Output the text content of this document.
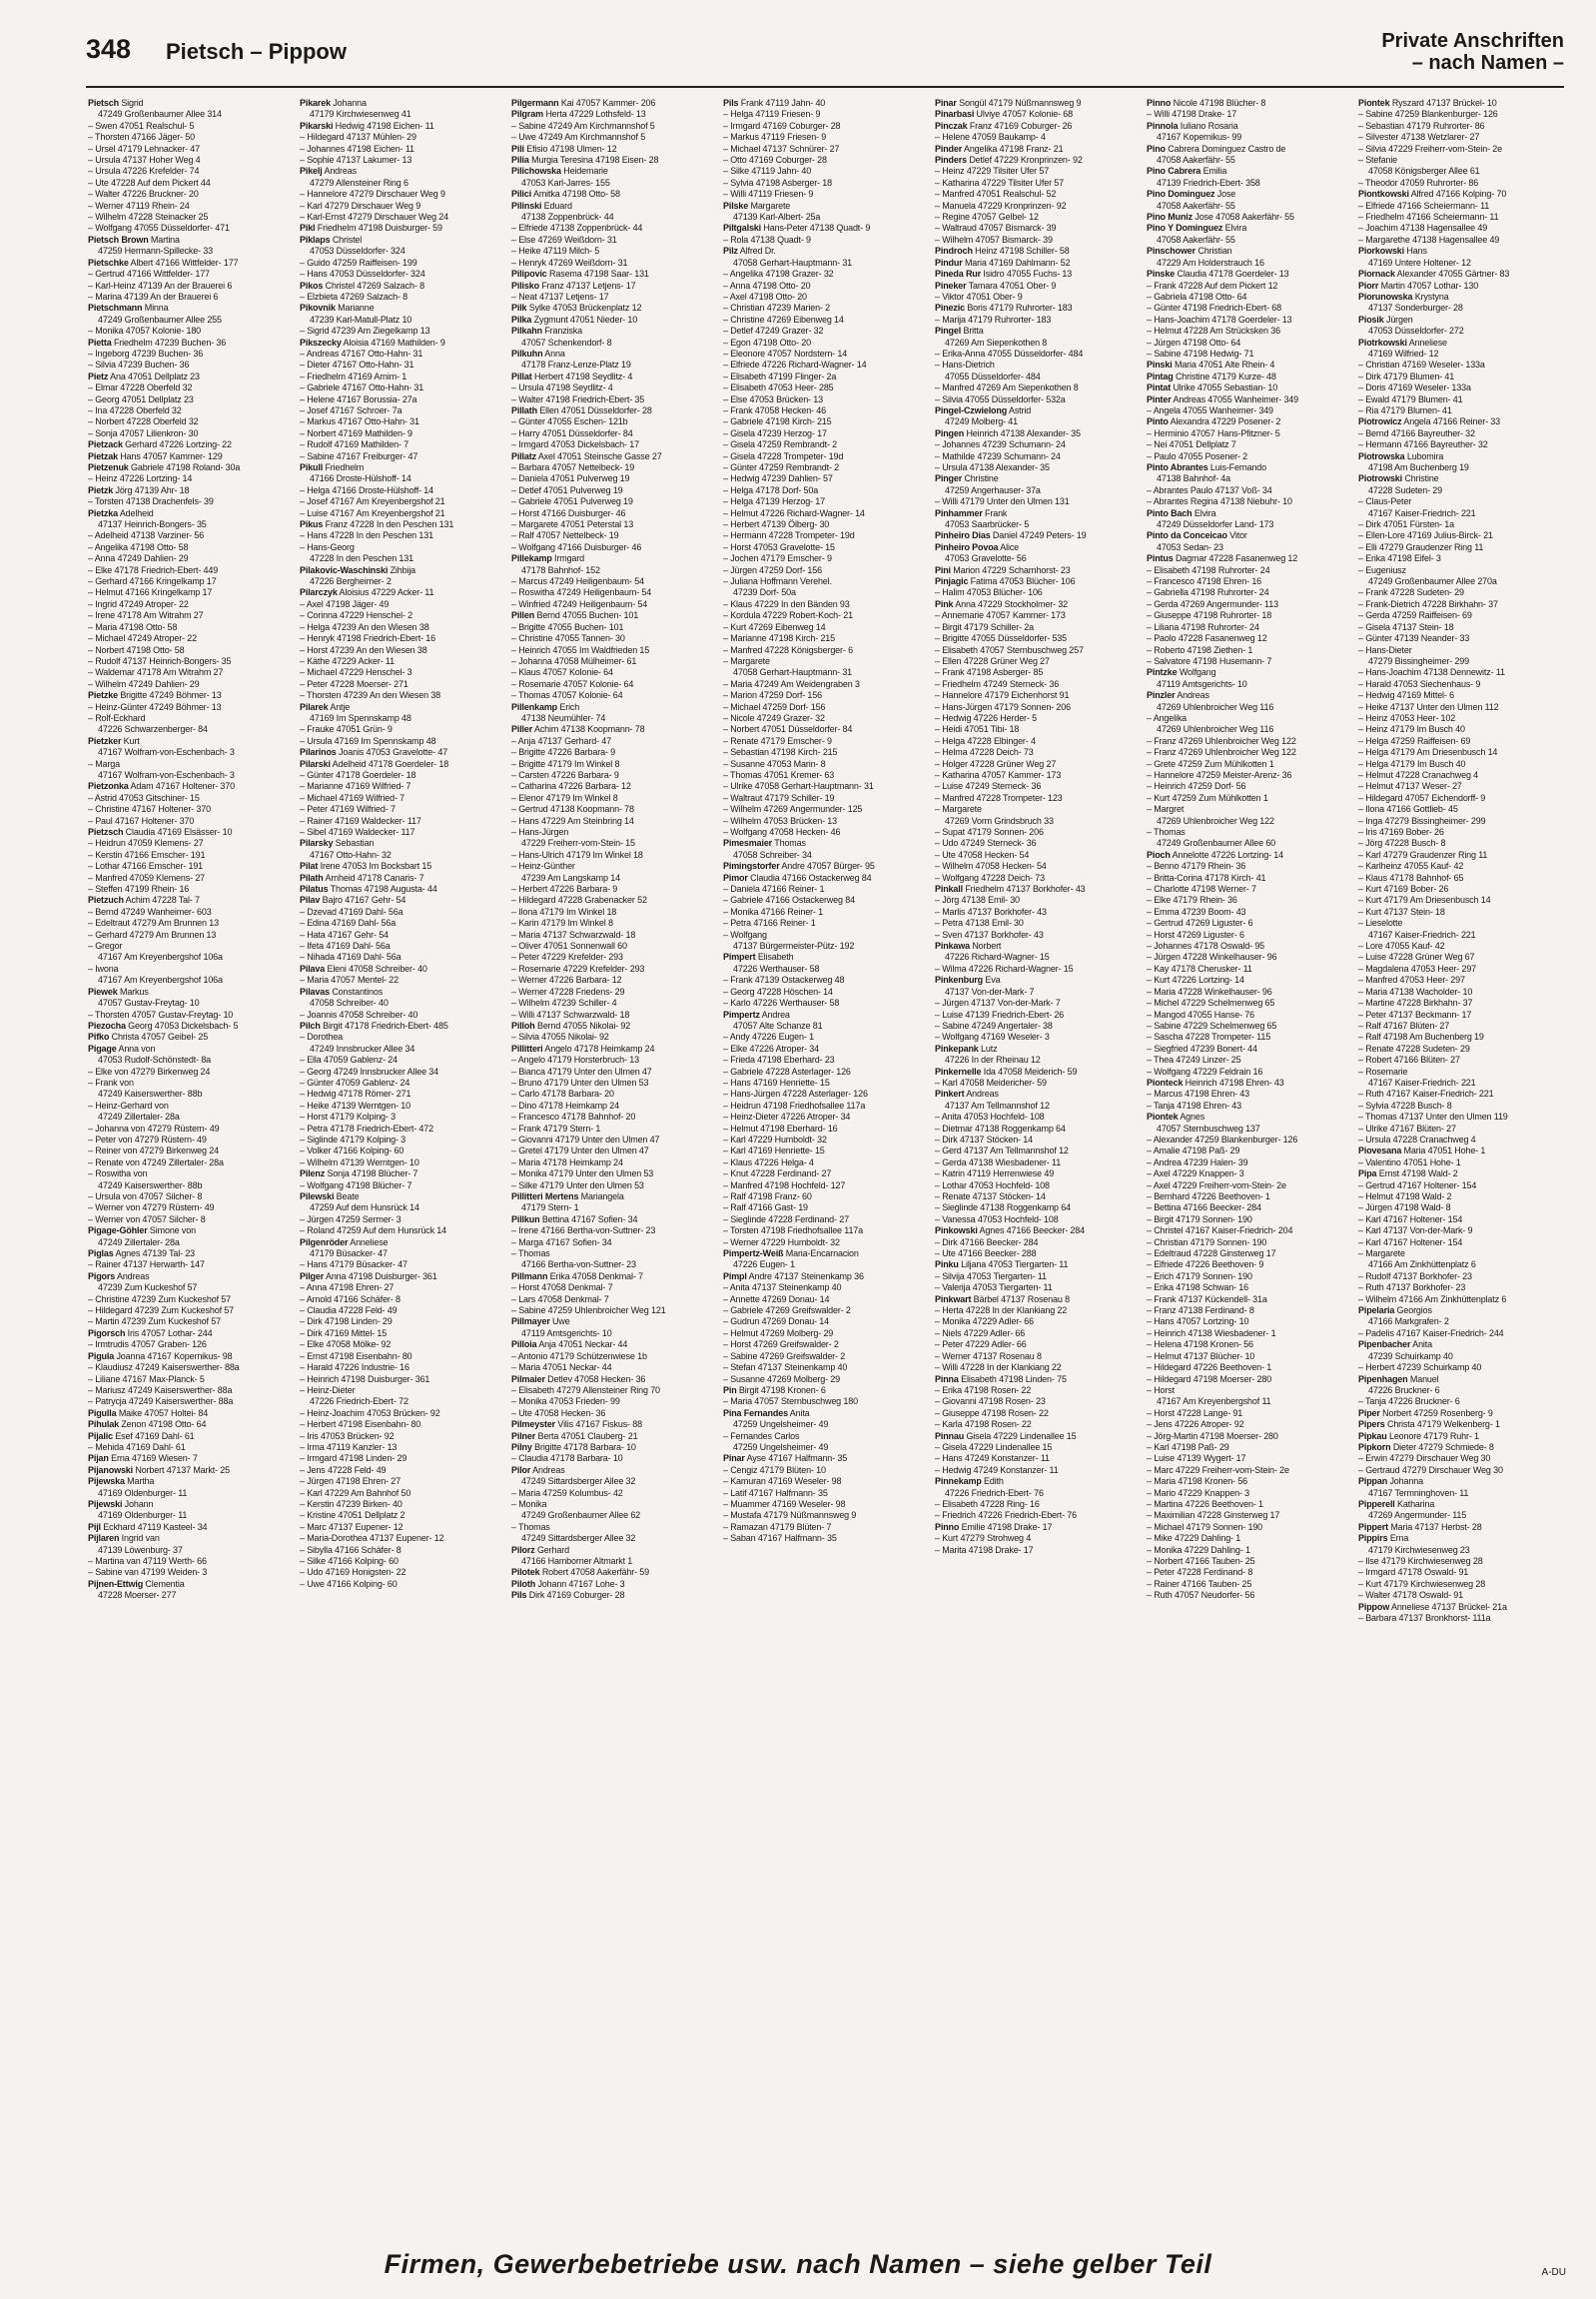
348 Pietsch – Pippow	Private Anschriften
– nach Namen –
Pietsch Sigrid
47249 Großenbaumer Allee 314
– Swen 47051 Realschul- 5
– Thorsten 47166 Jäger- 50
– Ursel 47179 Lehnacker- 47
– Ursula 47137 Hoher Weg 4
– Ursula 47226 Krefelder- 74
– Ute 47228 Auf dem Pickert 44
– Walter 47226 Bruckner- 20
– Werner 47119 Rhein- 24
– Wilhelm 47228 Steinacker 25
– Wolfgang 47055 Düsseldorfer- 471
Pietsch Brown Martina
47259 Hermann-Spillecke- 33
Pietschke Albert 47166 Wittfelder- 177
– Gertrud 47166 Wittfelder- 177
– Karl-Heinz 47139 An der Brauerei 6
– Marina 47139 An der Brauerei 6
Pietschmann Minna
47249 Großenbaumer Allee 255
– Monika 47057 Kolonie- 180
Pietta Friedhelm 47239 Buchen- 36
– Ingeborg 47239 Buchen- 36
– Silvia 47239 Buchen- 36
Pietz Ana 47051 Dellplatz 23
– Elmar 47228 Oberfeld 32
– Georg 47051 Dellplatz 23
– Ina 47228 Oberfeld 32
– Norbert 47228 Oberfeld 32
– Sonja 47057 Lilienkron- 30
Pietzack Gerhard 47226 Lortzing- 22
Pietzak Hans 47057 Kammer- 129
Pietzenuk Gabriele 47198 Roland- 30a
– Heinz 47226 Lortzing- 14
Pietzk Jörg 47139 Ahr- 18
– Torsten 47138 Drachenfels- 39
Pietzka Adelheid
47137 Heinrich-Bongers- 35
– Adelheid 47138 Varziner- 56
– Angelika 47198 Otto- 58
– Anna 47249 Dahlien- 29
– Elke 47178 Friedrich-Ebert- 449
– Gerhard 47166 Kringelkamp 17
– Helmut 47166 Kringelkamp 17
– Ingrid 47249 Atroper- 22
– Irene 47178 Am Witrahm 27
– Maria 47198 Otto- 58
– Michael 47249 Atroper- 22
– Norbert 47198 Otto- 58
– Rudolf 47137 Heinrich-Bongers- 35
– Waldemar 47178 Am Witrahm 27
– Wilhelm 47249 Dahlien- 29
Pietzke Brigitte 47249 Böhmer- 13
– Heinz-Günter 47249 Böhmer- 13
– Rolf-Eckhard
47226 Schwarzenberger- 84
Pietzker Kurt
47167 Wolfram-von-Eschenbach- 3
– Marga
47167 Wolfram-von-Eschenbach- 3
Pietzonka Adam 47167 Holtener- 370
– Astrid 47053 Gitschiner- 15
– Christine 47167 Holtener- 370
– Paul 47167 Holtener- 370
Pietzsch Claudia 47169 Elsässer- 10
– Heidrun 47059 Klemens- 27
– Kerstin 47166 Emscher- 191
– Lothar 47166 Emscher- 191
– Manfred 47059 Klemens- 27
– Steffen 47199 Rhein- 16
Pietzuch Achim 47228 Tal- 7
– Bernd 47249 Wanheimer- 603
– Edeltraut 47279 Am Brunnen 13
– Gerhard 47279 Am Brunnen 13
– Gregor
47167 Am Kreyenbergshof 106a
– Iwona
47167 Am Kreyenbergshof 106a
Piewek Markus
47057 Gustav-Freytag- 10
– Thorsten 47057 Gustav-Freytag- 10
Piezocha Georg 47053 Dickelsbach- 5
Pifko Christa 47057 Geibel- 25
Pigage Anna von
47053 Rudolf-Schönstedt- 8a
– Elke von 47279 Birkenweg 24
– Frank von
47249 Kaiserswerther- 88b
– Heinz-Gerhard von
47249 Zillertaler- 28a
– Johanna von 47279 Rüstern- 49
– Peter von 47279 Rüstern- 49
– Reiner von 47279 Birkenweg 24
– Renate von 47249 Zillertaler- 28a
– Roswitha von
47249 Kaiserswerther- 88b
– Ursula von 47057 Silcher- 8
– Werner von 47279 Rüstern- 49
– Werner von 47057 Silcher- 8
Pigage-Göhler Simone von
47249 Zillertaler- 28a
Piglas Agnes 47139 Tal- 23
– Rainer 47137 Herwarth- 147
Pigors Andreas
47239 Zum Kuckeshof 57
– Christine 47239 Zum Kuckeshof 57
– Hildegard 47239 Zum Kuckeshof 57
– Martin 47239 Zum Kuckeshof 57
Pigorsch Iris 47057 Lothar- 244
– Irmtrudis 47057 Graben- 126
Pigula Joanna 47167 Kopernikus- 98
– Klaudiusz 47249 Kaiserswerther- 88a
– Liliane 47167 Max-Planck- 5
– Mariusz 47249 Kaiserswerther- 88a
– Patrycja 47249 Kaiserswerther- 88a
Pigulla Maike 47057 Holtei- 84
Pihulak Zenon 47198 Otto- 64
Pijalic Esef 47169 Dahl- 61
– Mehida 47169 Dahl- 61
Pijan Erna 47169 Wiesen- 7
Pijanowski Norbert 47137 Markt- 25
Pijewska Martha
47169 Oldenburger- 11
Pijewski Johann
47169 Oldenburger- 11
Pijl Eckhard 47119 Kasteel- 34
Pijlaren Ingrid van
47139 Löwenburg- 37
– Martina van 47119 Werth- 66
– Sabine van 47199 Weiden- 3
Pijnen-Ettwig Clementia
47228 Moerser- 277
Pikarek Johanna
47179 Kirchwiesenweg 41
Pikarski Hedwig 47198 Eichen- 11
– Hildegard 47137 Mühlen- 29
– Johannes 47198 Eichen- 11
– Sophie 47137 Lakumer- 13
Pikelj Andreas
47279 Allensteiner Ring 6
– Hannelore 47279 Dirschauer Weg 9
– Karl 47279 Dirschauer Weg 9
– Karl-Ernst 47279 Dirschauer Weg 24
Pikl Friedhelm 47198 Duisburger- 59
Piklaps Christel
47053 Düsseldorfer- 324
– Guido 47259 Raiffeisen- 199
– Hans 47053 Düsseldorfer- 324
Pikos Christel 47269 Salzach- 8
– Elzbieta 47269 Salzach- 8
Pikovnik Marianne
47239 Karl-Matull-Platz 10
– Sigrid 47239 Am Ziegelkamp 13
Pikszecky Aloisia 47169 Mathilden- 9
– Andreas 47167 Otto-Hahn- 31
– Dieter 47167 Otto-Hahn- 31
– Friedhelm 47169 Arnim- 1
– Gabriele 47167 Otto-Hahn- 31
– Helene 47167 Borussia- 27a
– Josef 47167 Schroer- 7a
– Markus 47167 Otto-Hahn- 31
– Norbert 47169 Mathilden- 9
– Rudolf 47169 Mathilden- 7
– Sabine 47167 Freiburger- 47
Pikull Friedhelm
47166 Droste-Hülshoff- 14
– Helga 47166 Droste-Hülshoff- 14
– Josef 47167 Am Kreyenbergshof 21
– Luise 47167 Am Kreyenbergshof 21
Pikus Franz 47228 In den Peschen 131
– Hans 47228 In den Peschen 131
– Hans-Georg
47228 In den Peschen 131
Pilakovic-Waschinski Zihbija
47226 Bergheimer- 2
Pilarczyk Aloisius 47229 Acker- 11
– Axel 47198 Jäger- 49
– Corinna 47229 Henschel- 2
– Helga 47239 An den Wiesen 38
– Henryk 47198 Friedrich-Ebert- 16
– Horst 47239 An den Wiesen 38
– Käthe 47229 Acker- 11
– Michael 47229 Henschel- 3
– Peter 47228 Moerser- 271
– Thorsten 47239 An den Wiesen 38
Pilarek Antje
47169 Im Spennskamp 48
– Frauke 47051 Grün- 9
– Ursula 47169 Im Spennskamp 48
Pilarinos Joanis 47053 Gravelotte- 47
Pilarski Adelheid 47178 Goerdeler- 18
– Günter 47178 Goerdeler- 18
– Marianne 47169 Wilfried- 7
– Michael 47169 Wilfried- 7
– Peter 47169 Wilfried- 7
– Rainer 47169 Waldecker- 117
– Sibel 47169 Waldecker- 117
Pilarsky Sebastian
47167 Otto-Hahn- 32
Pilat Irene 47053 Im Bocksbart 15
Pilath Arnheid 47178 Canaris- 7
Pilatus Thomas 47198 Augusta- 44
Pilav Bajro 47167 Gehr- 54
– Dzevad 47169 Dahl- 56a
– Edina 47169 Dahl- 56a
– Hata 47167 Gehr- 54
– Ifeta 47169 Dahl- 56a
– Nihada 47169 Dahl- 56a
Pilava Eleni 47058 Schreiber- 40
– Maria 47057 Mentel- 22
Pilavas Constantinos
47058 Schreiber- 40
– Joannis 47058 Schreiber- 40
Pilch Birgit 47178 Friedrich-Ebert- 485
– Dorothea
47249 Innsbrucker Allee 34
– Ella 47059 Gablenz- 24
– Georg 47249 Innsbrucker Allee 34
– Günter 47059 Gablenz- 24
– Hedwig 47178 Römer- 271
– Heike 47139 Werntgen- 10
– Horst 47179 Kolping- 3
– Petra 47178 Friedrich-Ebert- 472
– Siglinde 47179 Kolping- 3
– Volker 47166 Kolping- 60
– Wilhelm 47139 Werntgen- 10
Pilenz Sonja 47198 Blücher- 7
– Wolfgang 47198 Blücher- 7
Pilewski Beate
47259 Auf dem Hunsrück 14
– Jürgen 47259 Sermer- 3
– Roland 47259 Auf dem Hunsrück 14
Pilgenröder Anneliese
47179 Büsacker- 47
– Hans 47179 Büsacker- 47
Pilger Anna 47198 Duisburger- 361
– Anna 47198 Ehren- 27
– Arnold 47166 Schäfer- 8
– Claudia 47228 Feld- 49
– Dirk 47198 Linden- 29
– Dirk 47169 Mittel- 15
– Elke 47058 Mölke- 92
– Ernst 47198 Eisenbahn- 80
– Harald 47226 Industrie- 16
– Heinrich 47198 Duisburger- 361
– Heinz-Dieter
47226 Friedrich-Ebert- 72
– Heinz-Joachim 47053 Brücken- 92
– Herbert 47198 Eisenbahn- 80
– Iris 47053 Brücken- 92
– Irma 47119 Kanzler- 13
– Irmgard 47198 Linden- 29
– Jens 47228 Feld- 49
– Jürgen 47198 Ehren- 27
– Karl 47229 Am Bahnhof 50
– Kerstin 47239 Birken- 40
– Kristine 47051 Dellplatz 2
– Marc 47137 Eupener- 12
– Maria-Dorothea 47137 Eupener- 12
– Sibylla 47166 Schäfer- 8
– Silke 47166 Kolping- 60
– Udo 47169 Honigsten- 22
– Uwe 47166 Kolping- 60
Pilgermann Kai 47057 Kammer- 206
Pilgram Herta 47229 Lothsfeld- 13
– Sabine 47249 Am Kirchmannshof 5
– Uwe 47249 Am Kirchmannshof 5
Pili Efisio 47198 Ulmen- 12
Pilia Murgia Teresina 47198 Eisen- 28
Pilichowska Heidemarie
47053 Karl-Jarres- 155
Pilici Amitka 47198 Otto- 58
Pilinski Eduard
47138 Zoppenbrück- 44
– Elfriede 47138 Zoppenbrück- 44
– Else 47269 Weißdorn- 31
– Heike 47119 Milch- 5
– Henryk 47269 Weißdorn- 31
Pilipovic Rasema 47198 Saar- 131
Pilisko Franz 47137 Letjens- 17
– Neat 47137 Letjens- 17
Pilk Sylke 47053 Brückenplatz 12
Pilka Zygmunt 47051 Nieder- 10
Pilkahn Franziska
47057 Schenkendorf- 8
Pilkuhn Anna
47178 Franz-Lenze-Platz 19
Pillat Herbert 47198 Seydlitz- 4
– Ursula 47198 Seydlitz- 4
– Walter 47198 Friedrich-Ebert- 35
Pillath Ellen 47051 Düsseldorfer- 28
– Günter 47055 Eschen- 121b
– Harry 47051 Düsseldorfer- 84
– Irmgard 47053 Dickelsbach- 17
Pillatz Axel 47051 Steinsche Gasse 27
– Barbara 47057 Nettelbeck- 19
– Daniela 47051 Pulverweg 19
– Detlef 47051 Pulverweg 19
– Gabriele 47051 Pulverweg 19
– Horst 47166 Duisburger- 46
– Margarete 47051 Peterstal 13
– Ralf 47057 Nettelbeck- 19
– Wolfgang 47166 Duisburger- 46
Pillekamp Irmgard
47178 Bahnhof- 152
– Marcus 47249 Heiligenbaum- 54
– Roswitha 47249 Heiligenbaum- 54
– Winfried 47249 Heiligenbaum- 54
Pillen Bernd 47055 Buchen- 101
– Brigitte 47055 Buchen- 101
– Christine 47055 Tannen- 30
– Heinrich 47055 Im Waldfrieden 15
– Johanna 47058 Mülheimer- 61
– Klaus 47057 Kolonie- 64
– Rosemarie 47057 Kolonie- 64
– Thomas 47057 Kolonie- 64
Pillenkamp Erich
47138 Neumühler- 74
Piller Achim 47138 Koopmann- 78
– Anja 47137 Gerhard- 47
– Brigitte 47226 Barbara- 9
– Brigitte 47179 Im Winkel 8
– Carsten 47226 Barbara- 9
– Catharina 47226 Barbara- 12
– Elenor 47179 Im Winkel 8
– Gertrud 47138 Koopmann- 78
– Hans 47229 Am Steinbring 14
– Hans-Jürgen
47229 Freiherr-vom-Stein- 15
– Hans-Ulrich 47179 Im Winkel 18
– Heinz-Günther
47239 Am Langskamp 14
– Herbert 47226 Barbara- 9
– Hildegard 47228 Grabenacker 52
– Ilona 47179 Im Winkel 18
– Karin 47179 Im Winkel 8
– Maria 47137 Schwarzwald- 18
– Oliver 47051 Sonnenwall 60
– Peter 47229 Krefelder- 293
– Rosemarie 47229 Krefelder- 293
– Werner 47226 Barbara- 12
– Werner 47228 Friedens- 29
– Wilhelm 47239 Schiller- 4
– Willi 47137 Schwarzwald- 18
Pilloh Bernd 47055 Nikolai- 92
– Silvia 47055 Nikolai- 92
Pillitteri Angelo 47178 Heimkamp 24
– Angelo 47179 Horsterbruch- 13
– Bianca 47179 Unter den Ulmen 47
– Bruno 47179 Unter den Ulmen 53
– Carlo 47178 Barbara- 20
– Dino 47178 Heimkamp 24
– Francesco 47178 Bahnhof- 20
– Frank 47179 Stern- 1
– Giovanni 47179 Unter den Ulmen 47
– Gretel 47179 Unter den Ulmen 47
– Maria 47178 Heimkamp 24
– Monika 47179 Unter den Ulmen 53
– Silke 47179 Unter den Ulmen 53
Pillitteri Mertens Mariangela
47179 Stern- 1
Pillkun Bettina 47167 Sofien- 34
– Irene 47166 Bertha-von-Suttner- 23
– Marga 47167 Sofien- 34
– Thomas
47166 Bertha-von-Suttner- 23
Pillmann Erika 47058 Denkmal- 7
– Horst 47058 Denkmal- 7
– Lars 47058 Denkmal- 7
– Sabine 47259 Uhlenbroicher Weg 121
Pillmayer Uwe
47119 Amtsgerichts- 10
Pilloia Anja 47051 Neckar- 44
– Antonio 47179 Schützenwiese 1b
– Maria 47051 Neckar- 44
Pilmaier Detlev 47058 Hecken- 36
– Elisabeth 47279 Allensteiner Ring 70
– Monika 47053 Frieden- 99
– Ute 47058 Hecken- 36
Pilmeyster Vilis 47167 Fiskus- 88
Pilner Berta 47051 Clauberg- 21
Pilny Brigitte 47178 Barbara- 10
– Claudia 47178 Barbara- 10
Pilor Andreas
47249 Sittardsberger Allee 32
– Maria 47259 Kolumbus- 42
– Monika
47249 Großenbaumer Allee 62
– Thomas
47249 Sittardsberger Allee 32
Pilorz Gerhard
47166 Hamborner Altmarkt 1
Pilotek Robert 47058 Aakerfähr- 59
Piloth Johann 47167 Lohe- 3
Pils Dirk 47169 Coburger- 28
Pils Frank 47119 Jahn- 40
– Helga 47119 Friesen- 9
– Irmgard 47169 Coburger- 28
– Markus 47119 Friesen- 9
– Michael 47137 Schnürer- 27
– Otto 47169 Coburger- 28
– Silke 47119 Jahn- 40
– Sylvia 47198 Asberger- 18
– Willi 47119 Friesen- 9
Pilske Margarete
47139 Karl-Albert- 25a
Piltgalski Hans-Peter 47138 Quadt- 9
– Rola 47138 Quadt- 9
Pilz Alfred Dr.
47058 Gerhart-Hauptmann- 31
– Angelika 47198 Grazer- 32
– Anna 47198 Otto- 20
– Axel 47198 Otto- 20
– Christian 47239 Marien- 2
– Christine 47269 Eibenweg 14
– Detlef 47249 Grazer- 32
– Egon 47198 Otto- 20
– Eleonore 47057 Nordstern- 14
– Elfriede 47226 Richard-Wagner- 14
– Elisabeth 47199 Flinger- 2a
– Elisabeth 47053 Heer- 285
– Else 47053 Brücken- 13
– Frank 47058 Hecken- 46
– Gabriele 47198 Kirch- 215
– Gisela 47239 Herzog- 17
– Gisela 47259 Rembrandt- 2
– Gisela 47228 Trompeter- 19d
– Günter 47259 Rembrandt- 2
– Hedwig 47239 Dahlien- 57
– Helga 47178 Dorf- 50a
– Helga 47139 Herzog- 17
– Helmut 47226 Richard-Wagner- 14
– Herbert 47139 Ölberg- 30
– Hermann 47228 Trompeter- 19d
– Horst 47053 Gravelotte- 15
– Jochen 47179 Emscher- 9
– Jürgen 47259 Dorf- 156
– Juliana Hoffmann Verehel.
47239 Dorf- 50a
– Klaus 47229 In den Bänden 93
– Kordula 47229 Robert-Koch- 21
– Kurt 47269 Eibenweg 14
– Marianne 47198 Kirch- 215
– Manfred 47228 Königsberger- 6
– Margarete
47058 Gerhart-Hauptmann- 31
– Maria 47249 Am Weidengraben 3
– Marion 47259 Dorf- 156
– Michael 47259 Dorf- 156
– Nicole 47249 Grazer- 32
– Norbert 47051 Düsseldorfer- 84
– Renate 47179 Emscher- 9
– Sebastian 47198 Kirch- 215
– Susanne 47053 Marin- 8
– Thomas 47051 Kremer- 63
– Ulrike 47058 Gerhart-Hauptmann- 31
– Waltraut 47179 Schiller- 19
– Wilhelm 47269 Angermunder- 125
– Wilhelm 47053 Brücken- 13
– Wolfgang 47058 Hecken- 46
Pimesmaier Thomas
47058 Schreiber- 34
Pimingstorfer Andre 47057 Bürger- 95
Pimor Claudia 47166 Ostackerweg 84
– Daniela 47166 Reiner- 1
– Gabriele 47166 Ostackerweg 84
– Monika 47166 Reiner- 1
– Petra 47166 Reiner- 1
– Wolfgang
47137 Bürgermeister-Pütz- 192
Pimpert Elisabeth
47226 Werthauser- 58
– Frank 47139 Ostackerweg 48
– Georg 47228 Höschen- 14
– Karlo 47226 Werthauser- 58
Pimpertz Andrea
47057 Alte Schanze 81
– Andy 47226 Eugen- 1
– Elke 47226 Atroper- 34
– Frieda 47198 Eberhard- 23
– Gabriele 47228 Asterlager- 126
– Hans 47169 Henriette- 15
– Hans-Jürgen 47228 Asterlager- 126
– Heidrun 47198 Friedhofsallee 117a
– Heinz-Dieter 47226 Atroper- 34
– Helmut 47198 Eberhard- 16
– Karl 47229 Humboldt- 32
– Karl 47169 Henriette- 15
– Klaus 47226 Helga- 4
– Knut 47228 Ferdinand- 27
– Manfred 47198 Hochfeld- 127
– Ralf 47198 Franz- 60
– Ralf 47166 Gast- 19
– Sieglinde 47228 Ferdinand- 27
– Torsten 47198 Friedhofsallee 117a
– Werner 47229 Humboldt- 32
Pimpertz-Weiß Maria-Encarnacion
47226 Eugen- 1
Pimpl Andre 47137 Steinenkamp 36
– Anita 47137 Steinenkamp 40
– Annette 47269 Donau- 14
– Gabriele 47269 Greifswalder- 2
– Gudrun 47269 Donau- 14
– Helmut 47269 Molberg- 29
– Horst 47269 Greifswalder- 2
– Sabine 47269 Greifswalder- 2
– Stefan 47137 Steinenkamp 40
– Susanne 47269 Molberg- 29
Pin Birgit 47198 Kronen- 6
– Maria 47057 Sternbuschweg 180
Pina Fernandes Anita
47259 Ungelsheimer- 49
– Fernandes Carlos
47259 Ungelsheimer- 49
Pinar Ayse 47167 Halfmann- 35
– Cengiz 47179 Blüten- 10
– Kamuran 47169 Weseler- 98
– Latif 47167 Halfmann- 35
– Muammer 47169 Weseler- 98
– Mustafa 47179 Nüßmannsweg 9
– Ramazan 47179 Blüten- 7
– Saban 47167 Halfmann- 35
Pinar Songül 47179 Nüßmannsweg 9
Pinarbasi Ulviye 47057 Kolonie- 68
Pinczak Franz 47169 Coburger- 26
– Helene 47059 Baukamp- 4
Pinder Angelika 47198 Franz- 21
Pinders Detlef 47229 Kronprinzen- 92
– Heinz 47229 Tilsiter Ufer 57
– Katharina 47229 Tilsiter Ufer 57
– Manfred 47051 Realschul- 52
– Manuela 47229 Kronprinzen- 92
– Regine 47057 Gelbel- 12
– Waltraud 47057 Bismarck- 39
– Wilhelm 47057 Bismarck- 39
Pindroch Heinz 47198 Schiller- 58
Pindur Maria 47169 Dahlmann- 52
Pineda Rur Isidro 47055 Fuchs- 13
Pineker Tamara 47051 Ober- 9
– Viktor 47051 Ober- 9
Pinezic Boris 47179 Ruhrorter- 183
– Marija 47179 Ruhrorter- 183
Pingel Britta
47269 Am Siepenkothen 8
– Erika-Anna 47055 Düsseldorfer- 484
– Hans-Dietrich
47055 Düsseldorfer- 484
– Manfred 47269 Am Siepenkothen 8
– Silvia 47055 Düsseldorfer- 532a
Pingel-Czwielong Astrid
47249 Molberg- 41
Pingen Heinrich 47138 Alexander- 35
– Johannes 47239 Schumann- 24
– Mathilde 47239 Schumann- 24
– Ursula 47138 Alexander- 35
Pinger Christine
47259 Angerhauser- 37a
– Willi 47179 Unter den Ulmen 131
Pinhammer Frank
47053 Saarbrücker- 5
Pinheiro Dias Daniel 47249 Peters- 19
Pinheiro Povoa Alice
47053 Gravelotte- 56
Pini Marion 47229 Scharnhorst- 23
Pinjagic Fatima 47053 Blücher- 106
– Halim 47053 Blücher- 106
Pink Anna 47229 Stockholmer- 32
– Annemarie 47057 Kammer- 173
– Birgit 47179 Schiller- 2a
– Brigitte 47055 Düsseldorfer- 535
– Elisabeth 47057 Sternbuschweg 257
– Ellen 47228 Grüner Weg 27
– Frank 47198 Asberger- 85
– Friedhelm 47249 Sterneck- 36
– Hannelore 47179 Eichenhorst 91
– Hans-Jürgen 47179 Sonnen- 206
– Hedwig 47226 Herder- 5
– Heidi 47051 Tibi- 18
– Helga 47228 Elbinger- 4
– Helma 47228 Deich- 73
– Holger 47228 Grüner Weg 27
– Katharina 47057 Kammer- 173
– Luise 47249 Sterneck- 36
– Manfred 47228 Trompeter- 123
– Margarete
47269 Vorm Grindsbruch 33
– Supat 47179 Sonnen- 206
– Udo 47249 Sterneck- 36
– Ute 47058 Hecken- 54
– Wilhelm 47058 Hecken- 54
– Wolfgang 47228 Deich- 73
Pinkall Friedhelm 47137 Borkhofer- 43
– Jörg 47138 Emil- 30
– Marlis 47137 Borkhofer- 43
– Petra 47138 Emil- 30
– Sven 47137 Borkhofer- 43
Pinkawa Norbert
47226 Richard-Wagner- 15
– Wilma 47226 Richard-Wagner- 15
Pinkenburg Eva
47137 Von-der-Mark- 7
– Jürgen 47137 Von-der-Mark- 7
– Luise 47139 Friedrich-Ebert- 26
– Sabine 47249 Angertaler- 38
– Wolfgang 47169 Weseler- 3
Pinkepank Lutz
47226 In der Rheinau 12
Pinkernelle Ida 47058 Meiderich- 59
– Karl 47058 Meidericher- 59
Pinkert Andreas
47137 Am Tellmannshof 12
– Anita 47053 Hochfeld- 108
– Dietmar 47138 Roggenkamp 64
– Dirk 47137 Stöcken- 14
– Gerd 47137 Am Tellmannshof 12
– Gerda 47138 Wiesbadener- 11
– Katrin 47119 Herrenwiese 49
– Lothar 47053 Hochfeld- 108
– Renate 47137 Stöcken- 14
– Sieglinde 47138 Roggenkamp 64
– Vanessa 47053 Hochfeld- 108
Pinkowski Agnes 47166 Beecker- 284
– Dirk 47166 Beecker- 284
– Ute 47166 Beecker- 288
Pinku Liljana 47053 Tiergarten- 11
– Silvija 47053 Tiergarten- 11
– Valerija 47053 Tiergarten- 11
Pinkwart Bärbel 47137 Rosenau 8
– Herta 47228 In der Klankiang 22
– Monika 47229 Adler- 66
– Niels 47229 Adler- 66
– Peter 47229 Adler- 66
– Werner 47137 Rosenau 8
– Willi 47228 In der Klankiang 22
Pinna Elisabeth 47198 Linden- 75
– Erika 47198 Rosen- 22
– Giovanni 47198 Rosen- 23
– Giuseppe 47198 Rosen- 22
– Karla 47198 Rosen- 22
Pinnau Gisela 47229 Lindenallee 15
– Gisela 47229 Lindenallee 15
– Hans 47249 Konstanzer- 11
– Hedwig 47249 Konstanzer- 11
Pinnekamp Edith
47226 Friedrich-Ebert- 76
– Elisabeth 47228 Ring- 16
– Friedrich 47226 Friedrich-Ebert- 76
Pinno Emilie 47198 Drake- 17
– Kurt 47279 Strohweg 4
– Marita 47198 Drake- 17
Pinno Nicole 47198 Blücher- 8
– Willi 47198 Drake- 17
Pinnola Iuliano Rosaria
47167 Kopernikus- 99
Pino Cabrera Dominguez Castro de
47058 Aakerfähr- 55
Pino Cabrera Emilia
47139 Friedrich-Ebert- 358
Pino Dominguez Jose
47058 Aakerfähr- 55
Pino Muniz Jose 47058 Aakerfähr- 55
Pino Y Dominguez Elvira
47058 Aakerfähr- 55
Pinschower Christian
47229 Am Holderstrauch 16
Pinske Claudia 47178 Goerdeler- 13
– Frank 47228 Auf dem Pickert 12
– Gabriela 47198 Otto- 64
– Günter 47198 Friedrich-Ebert- 68
– Hans-Joachim 47178 Goerdeler- 13
– Helmut 47228 Am Strücksken 36
– Jürgen 47198 Otto- 64
– Sabine 47198 Hedwig- 71
Pinski Maria 47051 Alte Rhein- 4
Pintag Christine 47179 Kurze- 48
Pintat Ulrike 47055 Sebastian- 10
Pinter Andreas 47055 Wanheimer- 349
– Angela 47055 Wanheimer- 349
Pinto Alexandra 47229 Posener- 2
– Herminio 47057 Hans-Pfitzner- 5
– Nei 47051 Dellplatz 7
– Paulo 47055 Posener- 2
Pinto Abrantes Luis-Fernando
47138 Bahnhof- 4a
– Abrantes Paulo 47137 Voß- 34
– Abrantes Regina 47138 Niebuhr- 10
Pinto Bach Elvira
47249 Düsseldorfer Land- 173
Pinto da Conceicao Vitor
47053 Sedan- 23
Pintus Dagmar 47228 Fasanenweg 12
– Elisabeth 47198 Ruhrorter- 24
– Francesco 47198 Ehren- 16
– Gabriella 47198 Ruhrorter- 24
– Gerda 47269 Angermunder- 113
– Giuseppe 47198 Ruhrorter- 18
– Liliana 47198 Ruhrorter- 24
– Paolo 47228 Fasanenweg 12
– Roberto 47198 Ziethen- 1
– Salvatore 47198 Husemann- 7
Pintzke Wolfgang
47119 Amtsgerichts- 10
Pinzler Andreas
47269 Uhlenbroicher Weg 116
– Angelika
47269 Uhlenbroicher Weg 116
– Franz 47269 Uhlenbroicher Weg 122
– Franz 47269 Uhlenbroicher Weg 122
– Grete 47259 Zum Mühlkotten 1
– Hannelore 47259 Meister-Arenz- 36
– Heinrich 47259 Dorf- 56
– Kurt 47259 Zum Mühlkotten 1
– Margret
47269 Uhlenbroicher Weg 122
– Thomas
47249 Großenbaumer Allee 60
Pioch Annelotte 47226 Lortzing- 14
– Benno 47179 Rhein- 36
– Britta-Corina 47178 Kirch- 41
– Charlotte 47198 Werner- 7
– Elke 47179 Rhein- 36
– Emma 47239 Boom- 43
– Gertrud 47269 Liguster- 6
– Horst 47269 Liguster- 6
– Johannes 47178 Oswald- 95
– Jürgen 47228 Winkelhauser- 96
– Kay 47178 Cherusker- 11
– Kurt 47226 Lortzing- 14
– Maria 47228 Winkelhauser- 96
– Michel 47229 Schelmenweg 65
– Mangod 47055 Hanse- 76
– Sabine 47229 Schelmenweg 65
– Sascha 47228 Trompeter- 115
– Siegfried 47239 Bonert- 44
– Thea 47249 Linzer- 25
– Wolfgang 47229 Feldrain 16
Pionteck Heinrich 47198 Ehren- 43
– Marcus 47198 Ehren- 43
– Tanja 47198 Ehren- 43
Piontek Agnes
47057 Sternbuschweg 137
– Alexander 47259 Blankenburger- 126
– Amalie 47198 Paß- 29
– Andrea 47239 Halen- 39
– Axel 47229 Knappen- 3
– Axel 47229 Freiherr-vom-Stein- 2e
– Bernhard 47226 Beethoven- 1
– Bettina 47166 Beecker- 284
– Birgit 47179 Sonnen- 190
– Christel 47167 Kaiser-Friedrich- 204
– Christian 47179 Sonnen- 190
– Edeltraud 47228 Ginsterweg 17
– Elfriede 47226 Beethoven- 9
– Erich 47179 Sonnen- 190
– Erika 47198 Schwan- 16
– Frank 47137 Kückendell- 31a
– Franz 47138 Ferdinand- 8
– Hans 47057 Lortzing- 10
– Heinrich 47138 Wiesbadener- 1
– Helena 47198 Kronen- 56
– Helmut 47137 Blücher- 10
– Hildegard 47226 Beethoven- 1
– Hildegard 47198 Moerser- 280
– Horst
47167 Am Kreyenbergshof 11
– Horst 47228 Lange- 91
– Jens 47226 Atroper- 92
– Jörg-Martin 47198 Moerser- 280
– Karl 47198 Paß- 29
– Luise 47139 Wygert- 17
– Marc 47229 Freiherr-vom-Stein- 2e
– Maria 47198 Kronen- 56
– Mario 47229 Knappen- 3
– Martina 47226 Beethoven- 1
– Maximilian 47228 Ginsterweg 17
– Michael 47179 Sonnen- 190
– Mike 47229 Dahling- 1
– Monika 47229 Dahling- 1
– Norbert 47166 Tauben- 25
– Peter 47228 Ferdinand- 8
– Rainer 47166 Tauben- 25
– Ruth 47057 Neudorfer- 56
Piontek Ryszard 47137 Brückel- 10
– Sabine 47259 Blankenburger- 126
– Sebastian 47179 Ruhrorter- 86
– Silvester 47138 Wetzlarer- 27
– Silvia 47229 Freiherr-vom-Stein- 2e
– Stefanie
47058 Königsberger Allee 61
– Theodor 47059 Ruhrorter- 86
Piontkowski Alfred 47166 Kolping- 70
– Elfriede 47166 Scheiermann- 11
– Friedhelm 47166 Scheiermann- 11
– Joachim 47138 Hagensallee 49
– Margarethe 47138 Hagensallee 49
Piorkowski Hans
47169 Untere Holtener- 12
Piornack Alexander 47055 Gärtner- 83
Piorr Martin 47057 Lothar- 130
Piorunowska Krystyna
47137 Sonderburger- 28
Piosik Jürgen
47053 Düsseldorfer- 272
Piotrkowski Anneliese
47169 Wilfried- 12
– Christian 47169 Weseler- 133a
– Dirk 47179 Blumen- 41
– Doris 47169 Weseler- 133a
– Ewald 47179 Blumen- 41
– Ria 47179 Blumen- 41
Piotrowicz Angela 47166 Reiner- 33
– Bernd 47166 Bayreuther- 32
– Hermann 47166 Bayreuther- 32
Piotrowska Lubomira
47198 Am Buchenberg 19
Piotrowski Christine
47228 Sudeten- 29
– Claus-Peter
47167 Kaiser-Friedrich- 221
– Dirk 47051 Fürsten- 1a
– Ellen-Lore 47169 Julius-Birck- 21
– Elli 47279 Graudenzer Ring 11
– Erika 47198 Eifel- 3
– Eugeniusz
47249 Großenbaumer Allee 270a
– Frank 47228 Sudeten- 29
– Frank-Dietrich 47228 Birkhahn- 37
– Gerda 47259 Raiffeisen- 69
– Gisela 47137 Stein- 18
– Günter 47139 Neander- 33
– Hans-Dieter
47279 Bissingheimer- 299
– Hans-Joachim 47138 Dennewitz- 11
– Harald 47053 Siechenhaus- 9
– Hedwig 47169 Mittel- 6
– Heike 47137 Unter den Ulmen 112
– Heinz 47053 Heer- 102
– Heinz 47179 Im Busch 40
– Helga 47259 Raiffeisen- 69
– Helga 47179 Am Driesenbusch 14
– Helga 47179 Im Busch 40
– Helmut 47228 Cranachweg 4
– Helmut 47137 Weser- 27
– Hildegard 47057 Eichendorff- 9
– Ilona 47166 Gottlieb- 45
– Inga 47279 Bissingheimer- 299
– Iris 47169 Bober- 26
– Jörg 47228 Busch- 8
– Karl 47279 Graudenzer Ring 11
– Karlheinz 47055 Kauf- 42
– Klaus 47178 Bahnhof- 65
– Kurt 47169 Bober- 26
– Kurt 47179 Am Driesenbusch 14
– Kurt 47137 Stein- 18
– Lieselotte
47167 Kaiser-Friedrich- 221
– Lore 47055 Kauf- 42
– Luise 47228 Grüner Weg 67
– Magdalena 47053 Heer- 297
– Manfred 47053 Heer- 297
– Maria 47138 Wacholder- 10
– Martine 47228 Birkhahn- 37
– Peter 47137 Beckmann- 17
– Ralf 47167 Blüten- 27
– Ralf 47198 Am Buchenberg 19
– Renate 47228 Sudeten- 29
– Robert 47166 Blüten- 27
– Rosemarie
47167 Kaiser-Friedrich- 221
– Ruth 47167 Kaiser-Friedrich- 221
– Sylvia 47228 Busch- 8
– Thomas 47137 Unter den Ulmen 119
– Ulrike 47167 Blüten- 27
– Ursula 47228 Cranachweg 4
Piovesana Maria 47051 Hohe- 1
– Valentino 47051 Hohe- 1
Pipa Ernst 47198 Wald- 2
– Gertrud 47167 Holtener- 154
– Helmut 47198 Wald- 2
– Jürgen 47198 Wald- 8
– Karl 47167 Holtener- 154
– Karl 47137 Von-der-Mark- 9
– Karl 47167 Holtener- 154
– Margarete
47166 Am Zinkhüttenplatz 6
– Rudolf 47137 Borkhofer- 23
– Ruth 47137 Borkhofer- 23
– Wilhelm 47166 Am Zinkhüttenplatz 6
Pipelaria Georgios
47166 Markgrafen- 2
– Padelis 47167 Kaiser-Friedrich- 244
Pipenbacher Anita
47239 Schuirkamp 40
– Herbert 47239 Schuirkamp 40
Pipenhagen Manuel
47226 Bruckner- 6
– Tanja 47226 Bruckner- 6
Piper Norbert 47259 Rosenberg- 9
Pipers Christa 47179 Welkenberg- 1
Pipkau Leonore 47179 Ruhr- 1
Pipkorn Dieter 47279 Schmiede- 8
– Erwin 47279 Dirschauer Weg 30
– Gertraud 47279 Dirschauer Weg 30
Pippan Johanna
47167 Termninghoven- 11
Pipperell Katharina
47269 Angermunder- 115
Pippert Maria 47137 Herbst- 28
Pippirs Erna
47179 Kirchwiesenweg 23
– Ilse 47179 Kirchwiesenweg 28
– Irmgard 47178 Oswald- 91
– Kurt 47179 Kirchwiesenweg 28
– Walter 47178 Oswald- 91
Pippow Anneliese 47137 Brückel- 21a
– Barbara 47137 Bronkhorst- 111a
Firmen, Gewerbebetriebe usw. nach Namen – siehe gelber Teil	A-DU
